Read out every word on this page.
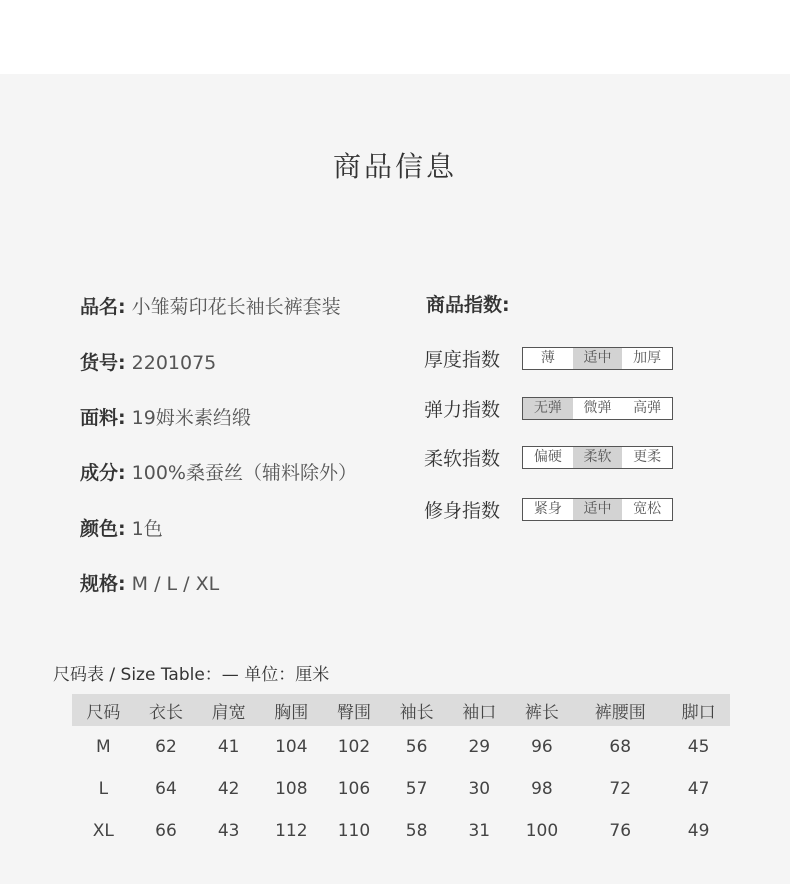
商品信息
品名: 小雏菊印花长袖长裤套装
货号: 2201075
面料: 19姆米素绉缎
成分: 100%桑蚕丝（辅料除外）
颜色: 1色
规格: M / L / XL
商品指数:
厚度指数	薄	适中	加厚
弹力指数	无弹	微弹	高弹
柔软指数	偏硬	柔软	更柔
修身指数	紧身	适中	宽松
尺码表 / Size Table：— 单位：厘米
尺码	衣长	肩宽	胸围	臀围	袖长	袖口	裤长	裤腰围	脚口
M	62	41	104	102	56	29	96	68	45
L	64	42	108	106	57	30	98	72	47
XL	66	43	112	110	58	31	100	76	49
